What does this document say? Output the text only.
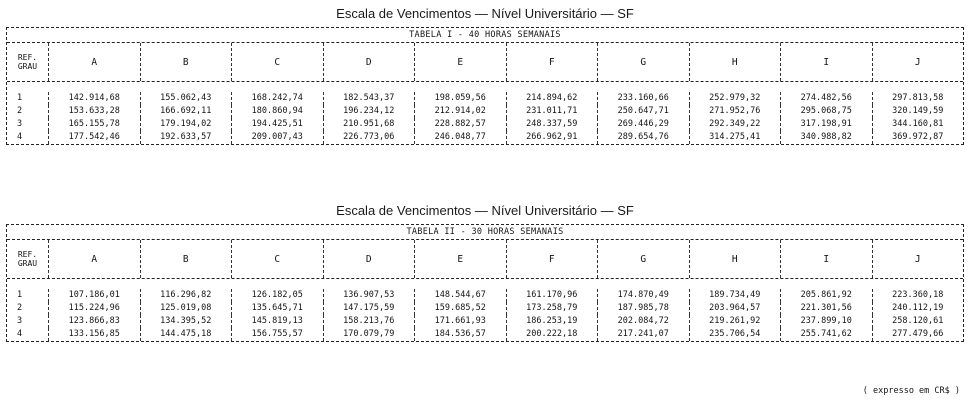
Escala de Vencimentos — Nível Universitário — SF
TABELA I - 40 HORAS SEMANAIS
REF.
GRAU	A	B	C	D	E	F	G	H	I	J
1	142.914,68	155.062,43	168.242,74	182.543,37	198.059,56	214.894,62	233.160,66	252.979,32	274.482,56	297.813,58
2	153.633,28	166.692,11	180.860,94	196.234,12	212.914,02	231.011,71	250.647,71	271.952,76	295.068,75	320.149,59
3	165.155,78	179.194,02	194.425,51	210.951,68	228.882,57	248.337,59	269.446,29	292.349,22	317.198,91	344.160,81
4	177.542,46	192.633,57	209.007,43	226.773,06	246.048,77	266.962,91	289.654,76	314.275,41	340.988,82	369.972,87
Escala de Vencimentos — Nível Universitário — SF
TABELA II - 30 HORAS SEMANAIS
REF.
GRAU	A	B	C	D	E	F	G	H	I	J
1	107.186,01	116.296,82	126.182,05	136.907,53	148.544,67	161.170,96	174.870,49	189.734,49	205.861,92	223.360,18
2	115.224,96	125.019,08	135.645,71	147.175,59	159.685,52	173.258,79	187.985,78	203.964,57	221.301,56	240.112,19
3	123.866,83	134.395,52	145.819,13	158.213,76	171.661,93	186.253,19	202.084,72	219.261,92	237.899,10	258.120,61
4	133.156,85	144.475,18	156.755,57	170.079,79	184.536,57	200.222,18	217.241,07	235.706,54	255.741,62	277.479,66
( expresso em CR$ )
